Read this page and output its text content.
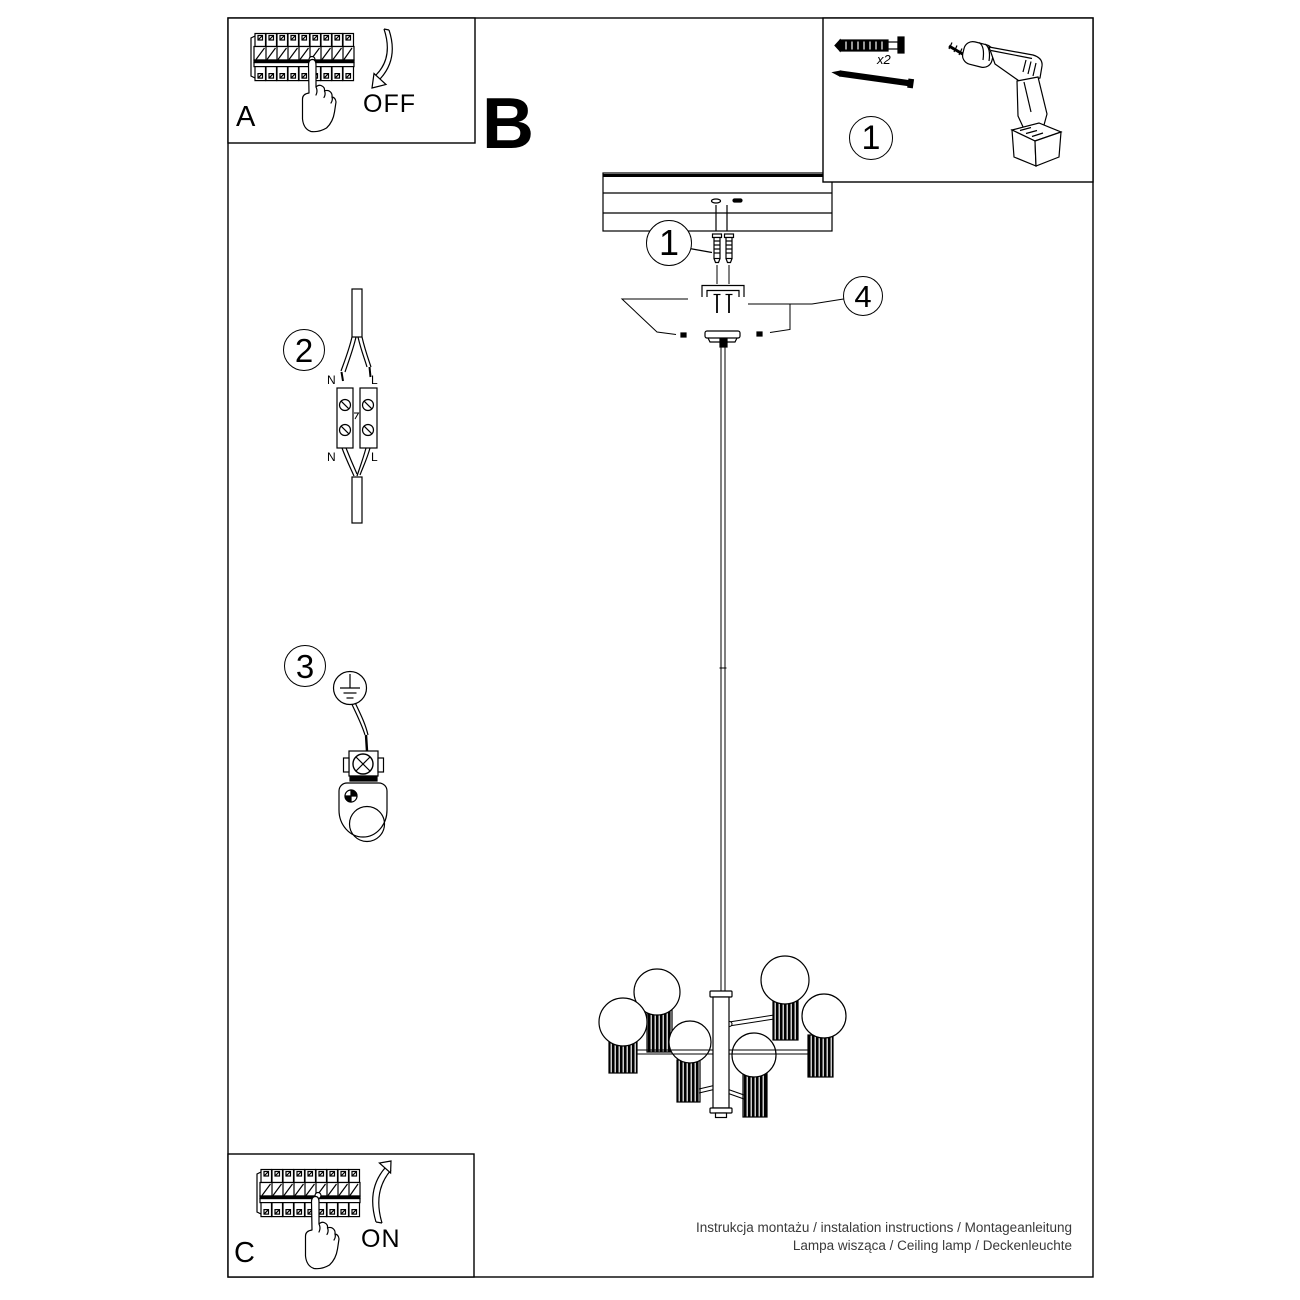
A	B
C
OFF
ON
1
x2
1
2
3
4
N	L
N	L
Instrukcja montażu / instalation instructions / Montageanleitung
Lampa wisząca / Ceiling lamp / Deckenleuchte
